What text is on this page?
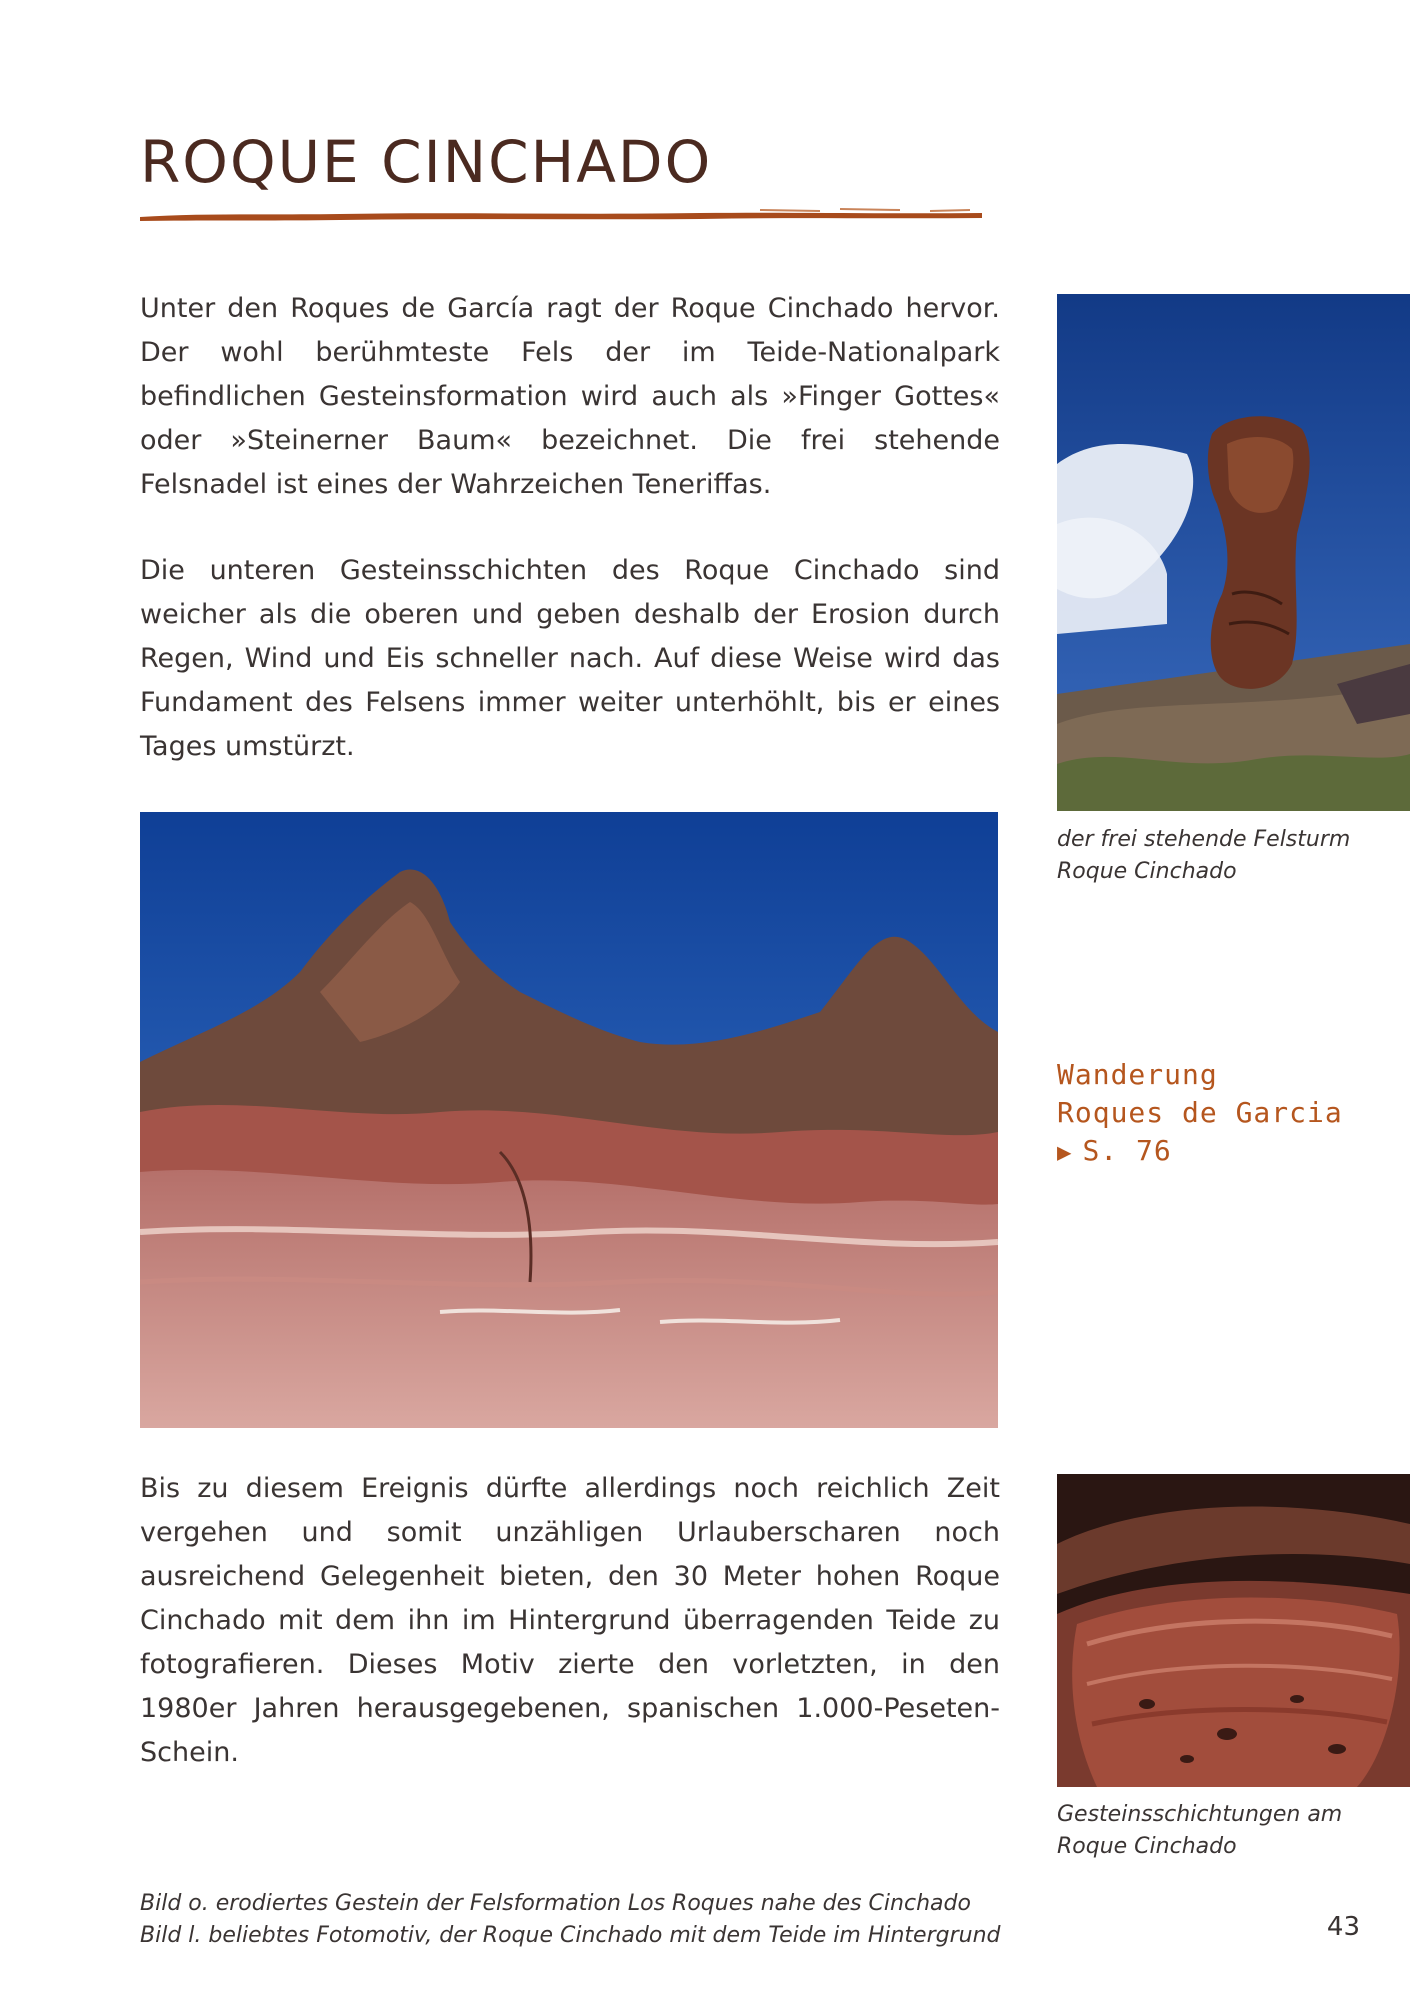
ROQUE CINCHADO

Unter den Roques de García ragt der Roque Cinchado hervor. Der wohl berühmteste Fels der im Teide-Nationalpark befindlichen Gesteinsformation wird auch als »Finger Gottes« oder »Steinerner Baum« bezeichnet. Die frei stehende Felsnadel ist eines der Wahrzeichen Teneriffas.

Die unteren Gesteinsschichten des Roque Cinchado sind weicher als die oberen und geben deshalb der Erosion durch Regen, Wind und Eis schneller nach. Auf diese Weise wird das Fundament des Felsens immer weiter unterhöhlt, bis er eines Tages umstürzt.

Bis zu diesem Ereignis dürfte allerdings noch reichlich Zeit vergehen und somit unzähligen Urlauberscharen noch ausreichend Gelegenheit bieten, den 30 Meter hohen Roque Cinchado mit dem ihn im Hintergrund überragenden Teide zu fotografieren. Dieses Motiv zierte den vorletzten, in den 1980er Jahren herausgegebenen, spanischen 1.000-Peseten-Schein.

der frei stehende Felsturm
Roque Cinchado
Wanderung
Roques de Garcia
▶ S. 76
Gesteinsschichtungen am
Roque Cinchado
Bild o. erodiertes Gestein der Felsformation Los Roques nahe des Cinchado
Bild l. beliebtes Fotomotiv, der Roque Cinchado mit dem Teide im Hintergrund	43
